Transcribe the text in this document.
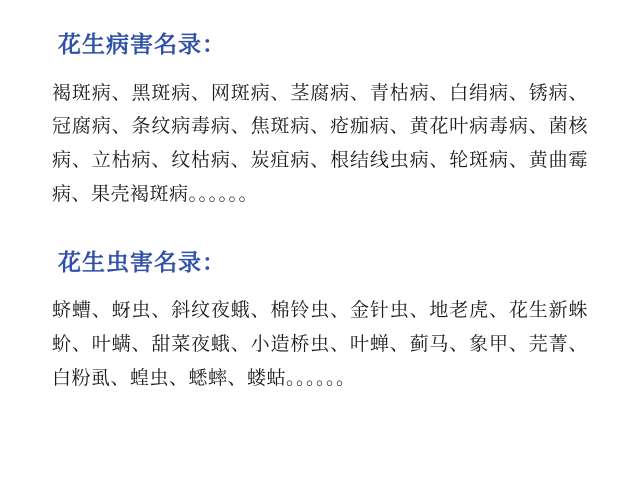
花生病害名录：

褐斑病、黑斑病、网斑病、茎腐病、青枯病、白绢病、锈病、冠腐病、条纹病毒病、焦斑病、疮痂病、黄花叶病毒病、菌核病、立枯病、纹枯病、炭疽病、根结线虫病、轮斑病、黄曲霉病、果壳褐斑病。。。。。。

花生虫害名录：

蛴螬、蚜虫、斜纹夜蛾、棉铃虫、金针虫、地老虎、花生新蛛蚧、叶螨、甜菜夜蛾、小造桥虫、叶蝉、蓟马、象甲、芫菁、白粉虱、蝗虫、蟋蟀、蝼蛄。。。。。。
